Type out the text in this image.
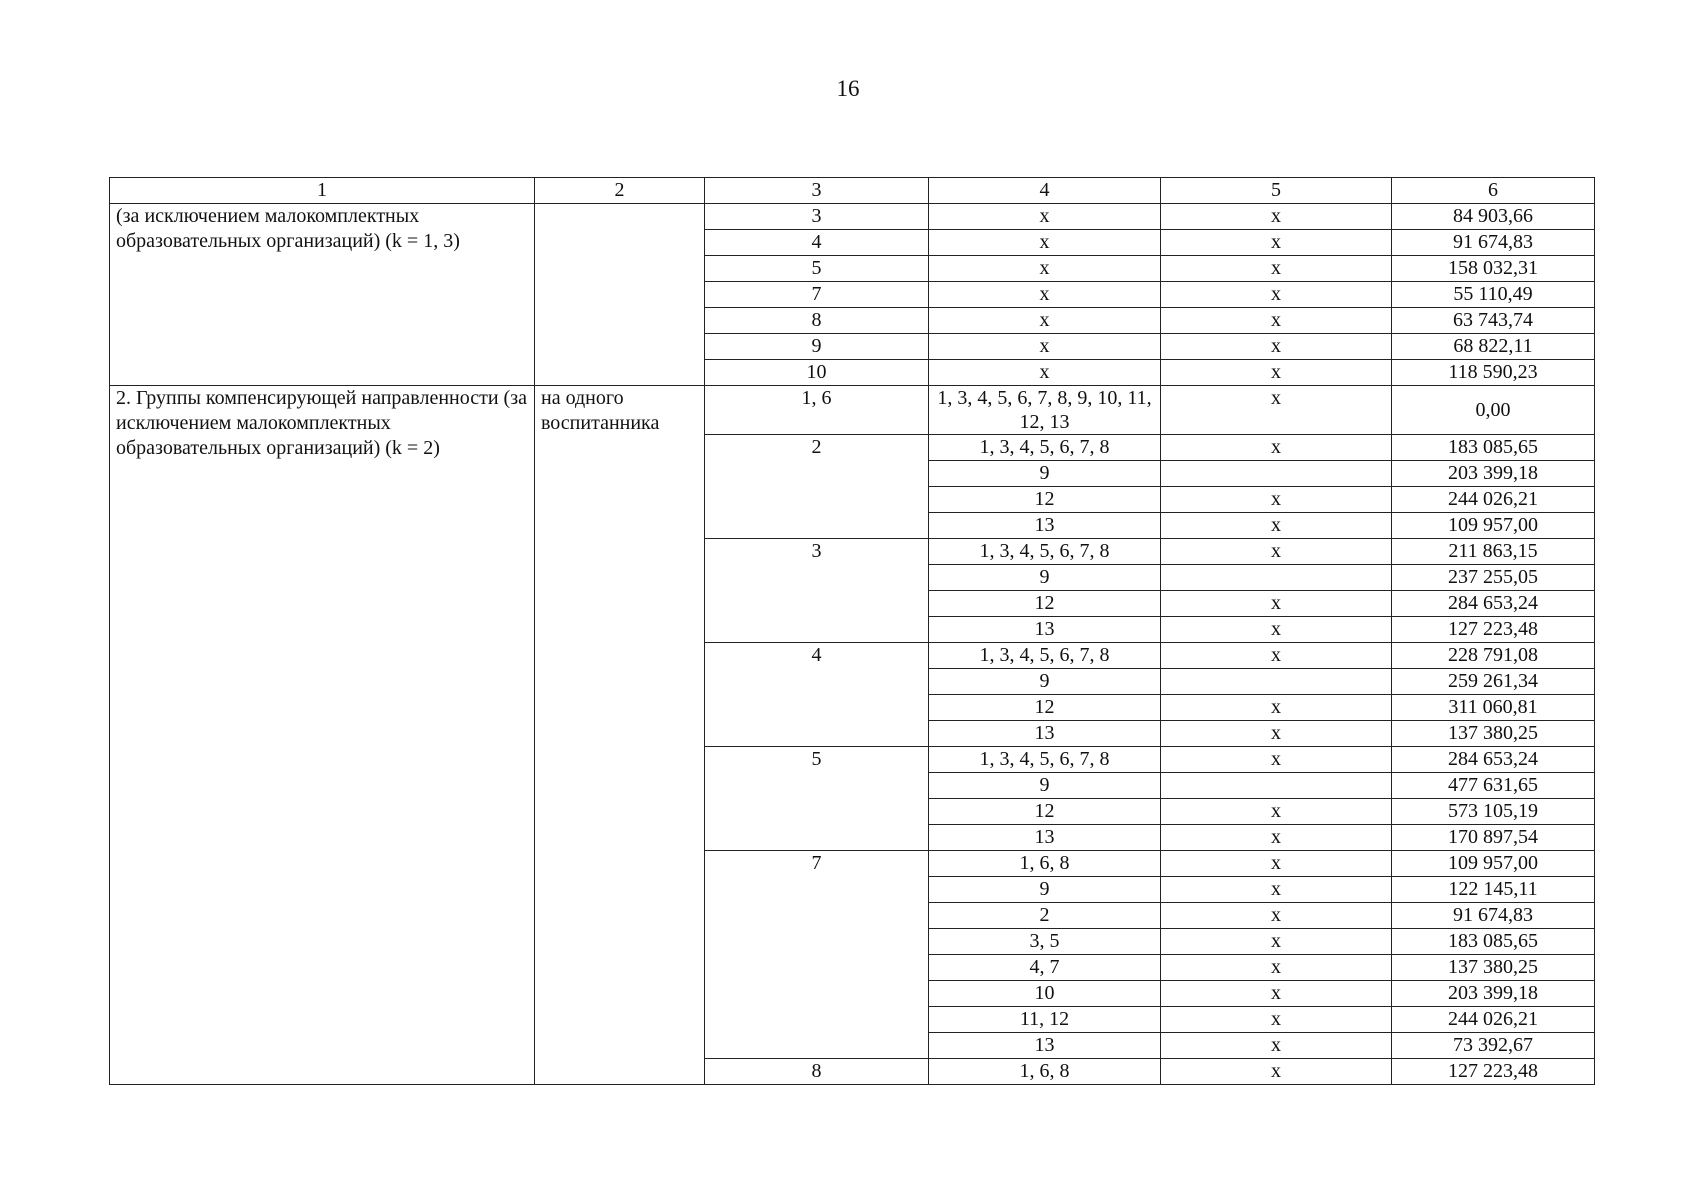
16
1	2	3	4	5	6
(за исключением малокомплектных образовательных организаций) (k = 1, 3)		3	x	x	84 903,66
		4	x	x	91 674,83
		5	x	x	158 032,31
		7	x	x	55 110,49
		8	x	x	63 743,74
		9	x	x	68 822,11
		10	x	x	118 590,23
2. Группы компенсирующей направленности (за исключением малокомплектных образовательных организаций) (k = 2)	на одного воспитанника	1, 6	1, 3, 4, 5, 6, 7, 8, 9, 10, 11, 12, 13	x	0,00
		2	1, 3, 4, 5, 6, 7, 8	x	183 085,65
			9		203 399,18
			12	x	244 026,21
			13	x	109 957,00
		3	1, 3, 4, 5, 6, 7, 8	x	211 863,15
			9		237 255,05
			12	x	284 653,24
			13	x	127 223,48
		4	1, 3, 4, 5, 6, 7, 8	x	228 791,08
			9		259 261,34
			12	x	311 060,81
			13	x	137 380,25
		5	1, 3, 4, 5, 6, 7, 8	x	284 653,24
			9		477 631,65
			12	x	573 105,19
			13	x	170 897,54
		7	1, 6, 8	x	109 957,00
			9	x	122 145,11
			2	x	91 674,83
			3, 5	x	183 085,65
			4, 7	x	137 380,25
			10	x	203 399,18
			11, 12	x	244 026,21
			13	x	73 392,67
		8	1, 6, 8	x	127 223,48
